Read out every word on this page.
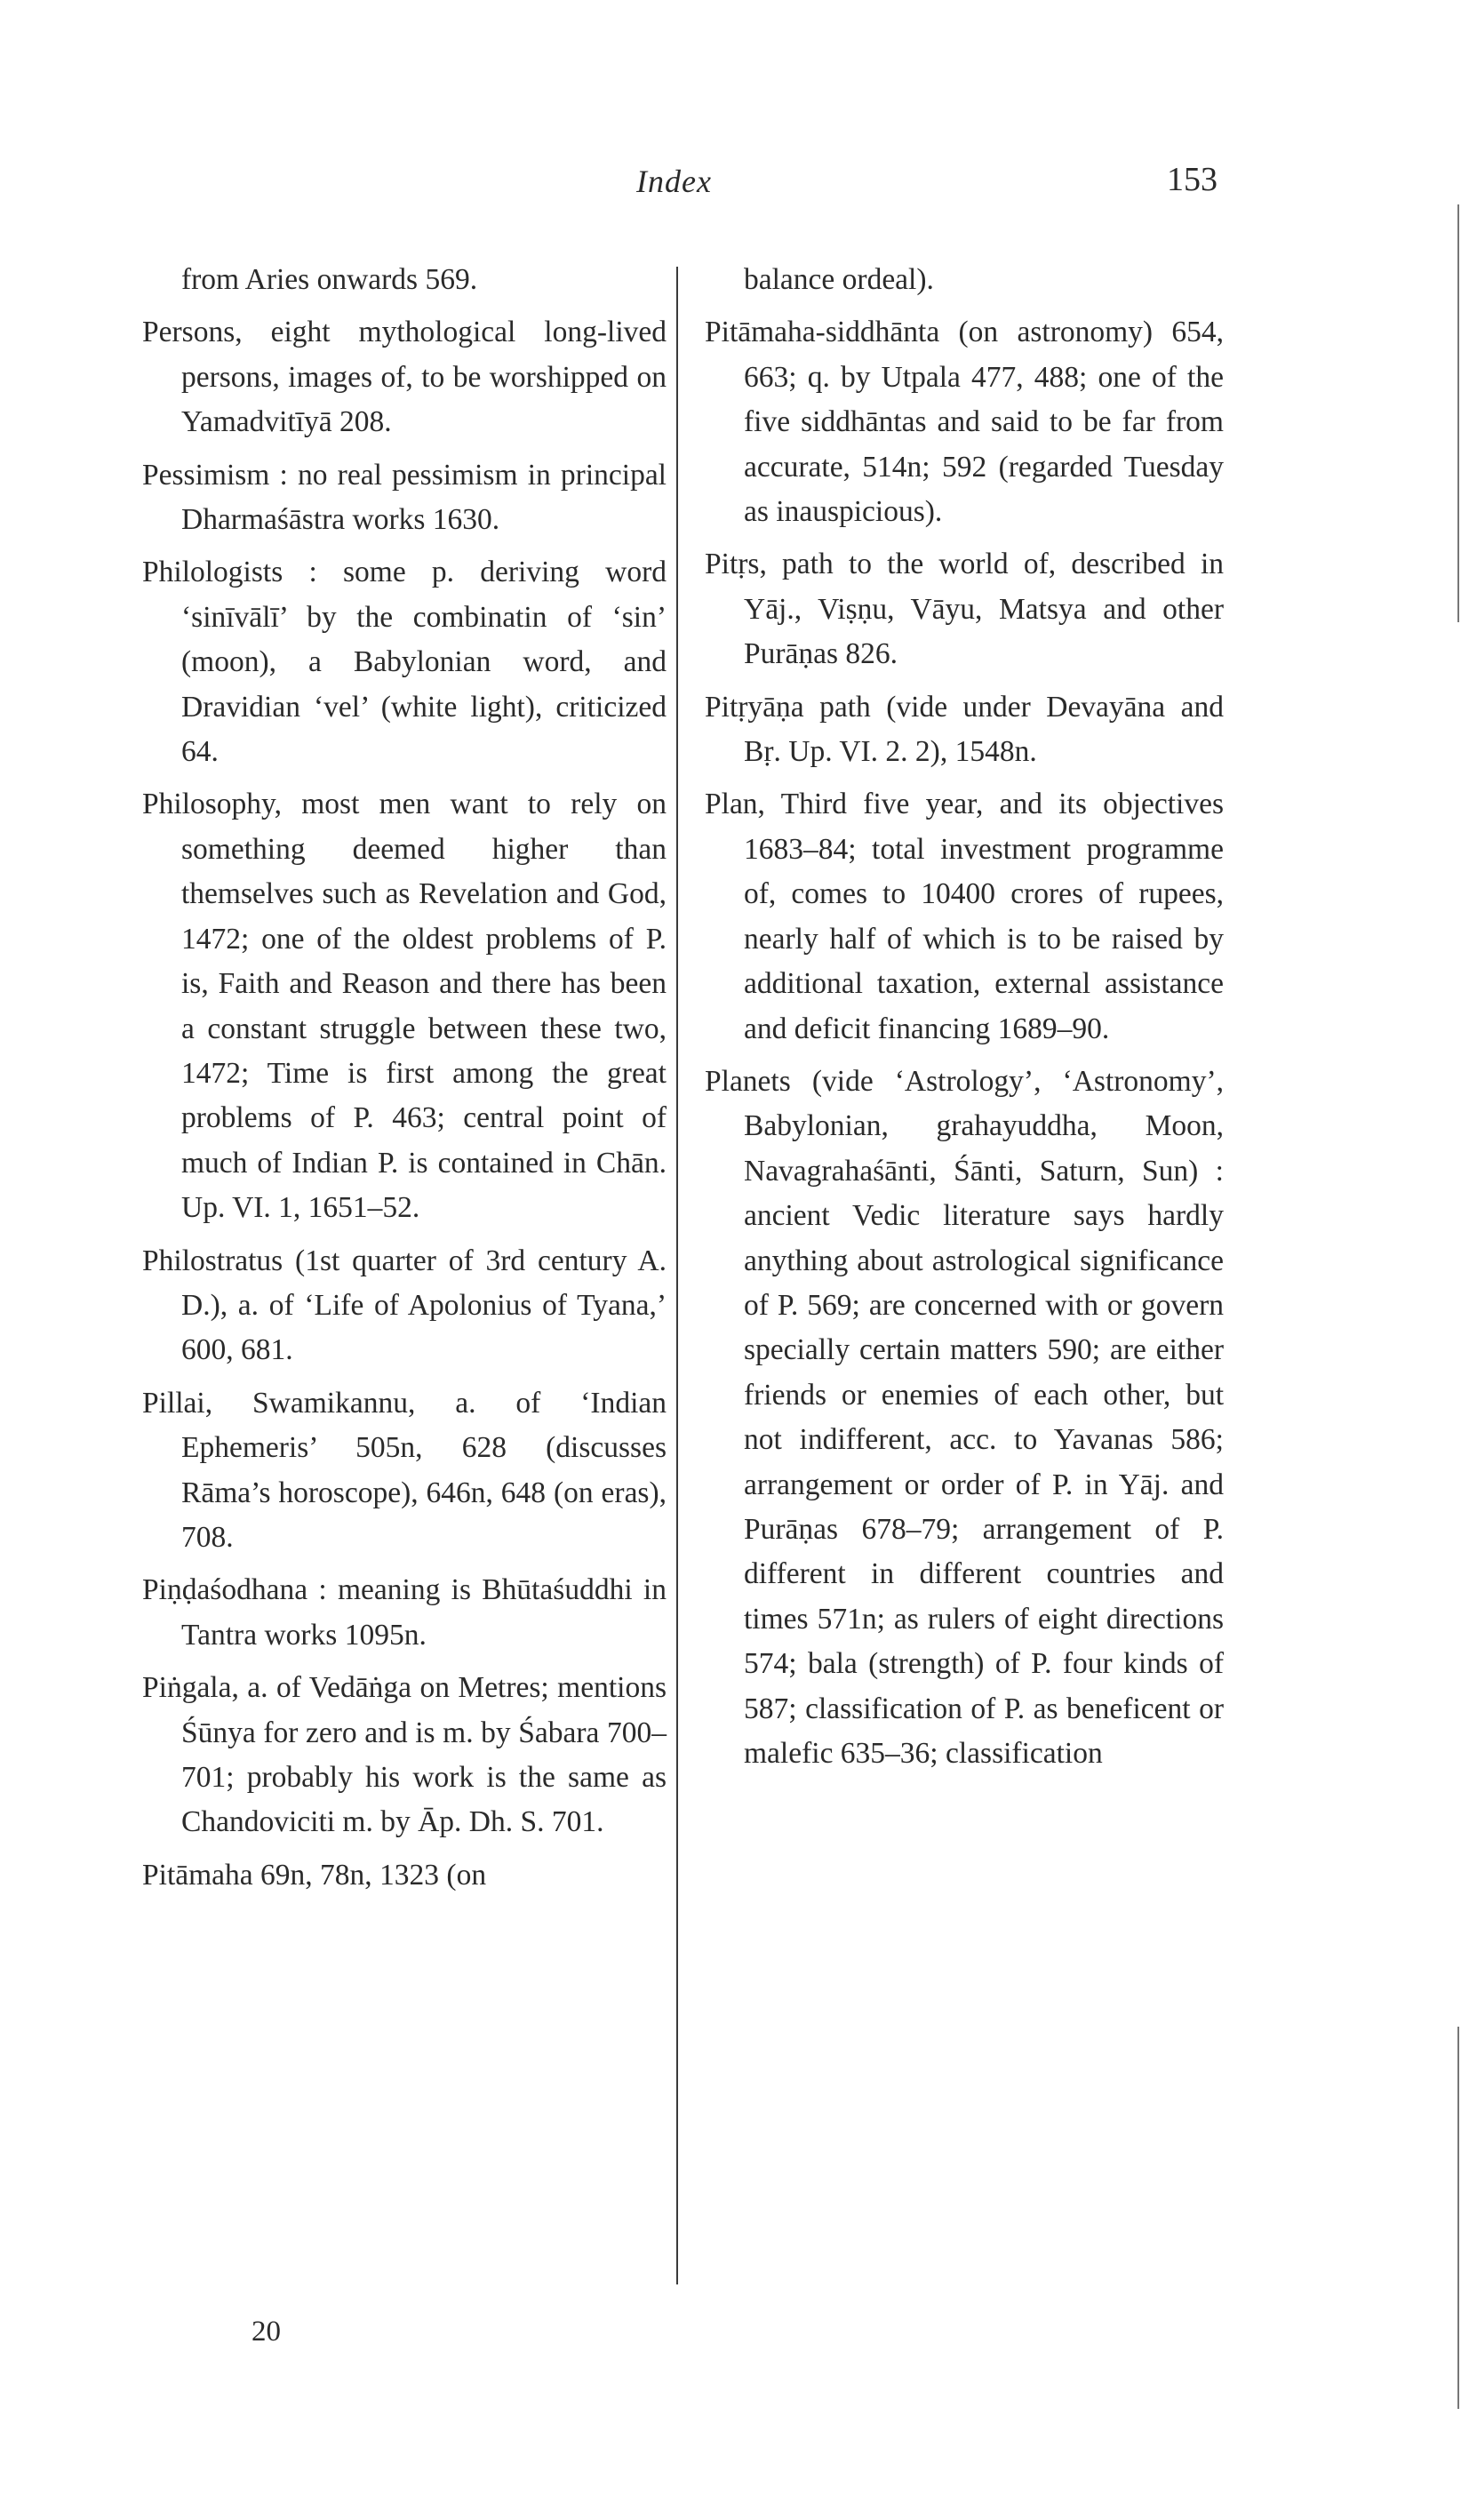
Index	153

from Aries onwards 569.

Persons, eight mythological long-lived persons, images of, to be worshipped on Yamadvitīyā 208.

Pessimism : no real pessimism in principal Dharmaśāstra works 1630.

Philologists : some p. deriving word ‘sinīvālī’ by the combinatin of ‘sin’ (moon), a Babylonian word, and Dravidian ‘vel’ (white light), criticized 64.

Philosophy, most men want to rely on something deemed higher than themselves such as Revelation and God, 1472; one of the oldest problems of P. is, Faith and Reason and there has been a constant struggle between these two, 1472; Time is first among the great problems of P. 463; central point of much of Indian P. is contained in Chān. Up. VI. 1, 1651–52.

Philostratus (1st quarter of 3rd century A. D.), a. of ‘Life of Apolonius of Tyana,’ 600, 681.

Pillai, Swamikannu, a. of ‘Indian Ephemeris’ 505n, 628 (discusses Rāma’s horoscope), 646n, 648 (on eras), 708.

Piṇḍaśodhana : meaning is Bhūtaśuddhi in Tantra works 1095n.

Piṅgala, a. of Vedāṅga on Metres; mentions Śūnya for zero and is m. by Śabara 700–701; probably his work is the same as Chandoviciti m. by Āp. Dh. S. 701.

Pitāmaha 69n, 78n, 1323 (on

balance ordeal).

Pitāmaha-siddhānta (on astronomy) 654, 663; q. by Utpala 477, 488; one of the five siddhāntas and said to be far from accurate, 514n; 592 (regarded Tuesday as inauspicious).

Pitṛs, path to the world of, described in Yāj., Viṣṇu, Vāyu, Matsya and other Purāṇas 826.

Pitṛyāṇa path (vide under Devayāna and Bṛ. Up. VI. 2. 2), 1548n.

Plan, Third five year, and its objectives 1683–84; total investment programme of, comes to 10400 crores of rupees, nearly half of which is to be raised by additional taxation, external assistance and deficit financing 1689–90.

Planets (vide ‘Astrology’, ‘Astronomy’, Babylonian, grahayuddha, Moon, Navagrahaśānti, Śānti, Saturn, Sun) : ancient Vedic literature says hardly anything about astrological significance of P. 569; are concerned with or govern specially certain matters 590; are either friends or enemies of each other, but not indifferent, acc. to Yavanas 586; arrangement or order of P. in Yāj. and Purāṇas 678–79; arrangement of P. different in different countries and times 571n; as rulers of eight directions 574; bala (strength) of P. four kinds of 587; classification of P. as beneficent or malefic 635–36; classification

20
